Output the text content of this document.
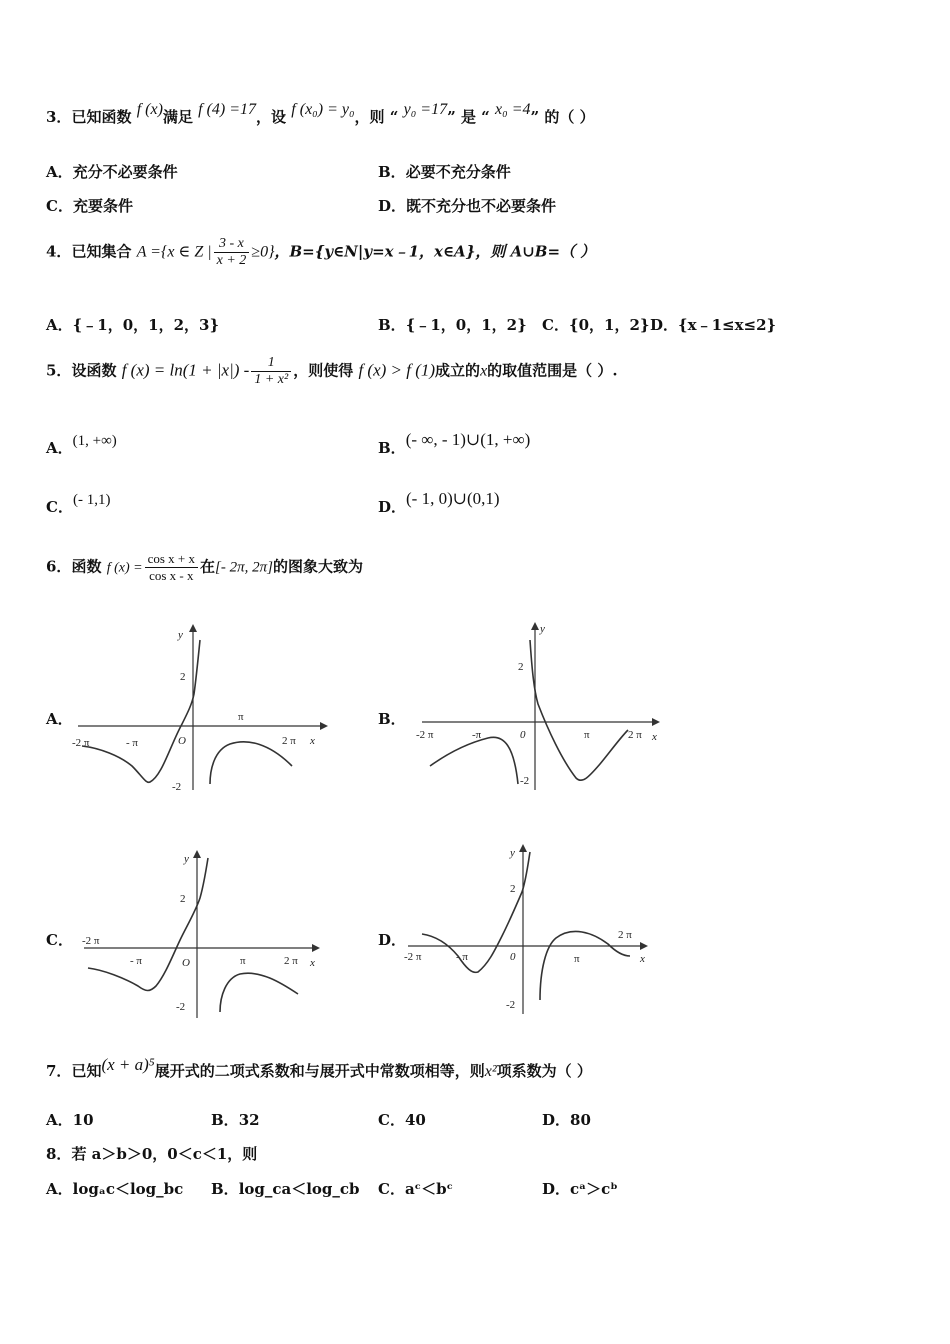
3．已知函数 f (x)满足 f (4) =17，设 f (x₀) = y₀，则 “ y₀ =17” 是 “ x₀ =4” 的（ ）
A．充分不必要条件	B．必要不充分条件
C．充要条件	D．既不充分也不必要条件
4．已知集合 A ={x ∈ Z | $\frac{3 - x}{x + 2} \ge 0$}，B={y∈N|y=x﹣1，x∈A}，则 A∪B=（ ）
A．{﹣1，0，1，2，3}	B．{﹣1，0，1，2} C．{0，1，2} D．{x﹣1≤x≤2}
5．设函数 f $(x) = \ln(1 + |x|) - \frac{1}{\text{1 + x²}}$ ，则使得 f (x) > f (1)成立的x的取值范围是（ ）.
A．(1, +∞)	B．(- ∞, - 1)∪(1, +∞)
C．(- 1,1)	D．(- 1, 0)∪(0,1)
6．函数 f $(x) = \frac{\text{cos x + x}}{\text{cos x - x}}$ 在[- 2π, 2π]的图象大致为
A．	B．
C．	D．
y
x
O
2
-2
-2 π	- π
π
2 π
y
x
0
2
-2
-2 π	-π	π	2 π
y
x
O
2
-2
-2 π
- π	π	2 π
y
x
0
2
-2
-2 π	- π	π
2 π
7．已知(x + a)⁵展开式的二项式系数和与展开式中常数项相等，则x²项系数为（ ）
A．10	B．32	C．40	D．80
8．若 a＞b＞0，0＜c＜1，则
A．logₐc＜log_bc B．log_ca＜log_cb C．aᶜ＜bᶜ	D．cᵃ＞cᵇ
